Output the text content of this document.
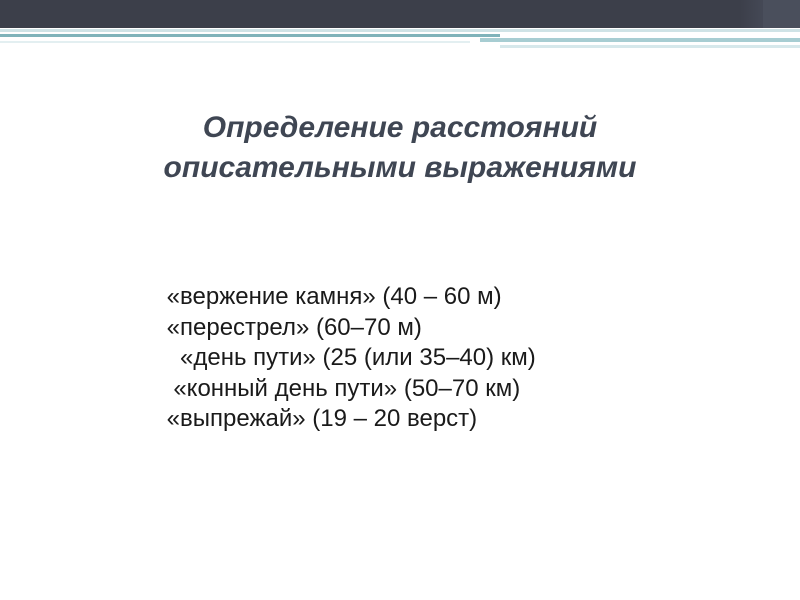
Определение расстояний
описательными выражениями
«вержение камня» (40 – 60 м)
«перестрел» (60–70 м)
«день пути» (25 (или 35–40) км)
«конный день пути» (50–70 км)
«выпрежай» (19 – 20 верст)
